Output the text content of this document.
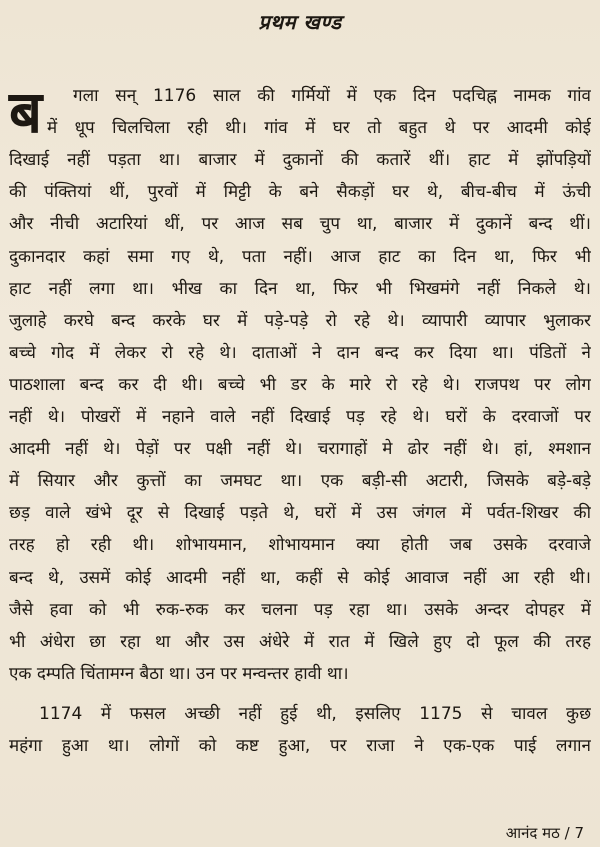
प्रथम खण्ड
ब गला सन् 1176 साल की गर्मियों में एक दिन पदचिह्न नामक गांव
में धूप चिलचिला रही थी। गांव में घर तो बहुत थे पर आदमी कोई
दिखाई नहीं पड़ता था। बाजार में दुकानों की कतारें थीं। हाट में झोंपड़ियों
की पंक्तियां थीं, पुरवों में मिट्टी के बने सैकड़ों घर थे, बीच-बीच में ऊंची
और नीची अटारियां थीं, पर आज सब चुप था, बाजार में दुकानें बन्द थीं।
दुकानदार कहां समा गए थे, पता नहीं। आज हाट का दिन था, फिर भी
हाट नहीं लगा था। भीख का दिन था, फिर भी भिखमंगे नहीं निकले थे।
जुलाहे करघे बन्द करके घर में पड़े-पड़े रो रहे थे। व्यापारी व्यापार भुलाकर
बच्चे गोद में लेकर रो रहे थे। दाताओं ने दान बन्द कर दिया था। पंडितों ने
पाठशाला बन्द कर दी थी। बच्चे भी डर के मारे रो रहे थे। राजपथ पर लोग
नहीं थे। पोखरों में नहाने वाले नहीं दिखाई पड़ रहे थे। घरों के दरवाजों पर
आदमी नहीं थे। पेड़ों पर पक्षी नहीं थे। चरागाहों मे ढोर नहीं थे। हां, श्मशान
में सियार और कुत्तों का जमघट था। एक बड़ी-सी अटारी, जिसके बड़े-बड़े
छड़ वाले खंभे दूर से दिखाई पड़ते थे, घरों में उस जंगल में पर्वत-शिखर की
तरह हो रही थी। शोभायमान, शोभायमान क्या होती जब उसके दरवाजे
बन्द थे, उसमें कोई आदमी नहीं था, कहीं से कोई आवाज नहीं आ रही थी।
जैसे हवा को भी रुक-रुक कर चलना पड़ रहा था। उसके अन्दर दोपहर में
भी अंधेरा छा रहा था और उस अंधेरे में रात में खिले हुए दो फूल की तरह
एक दम्पति चिंतामग्न बैठा था। उन पर मन्वन्तर हावी था।
1174 में फसल अच्छी नहीं हुई थी, इसलिए 1175 से चावल कुछ
महंगा हुआ था। लोगों को कष्ट हुआ, पर राजा ने एक-एक पाई लगान
आनंद मठ / 7
